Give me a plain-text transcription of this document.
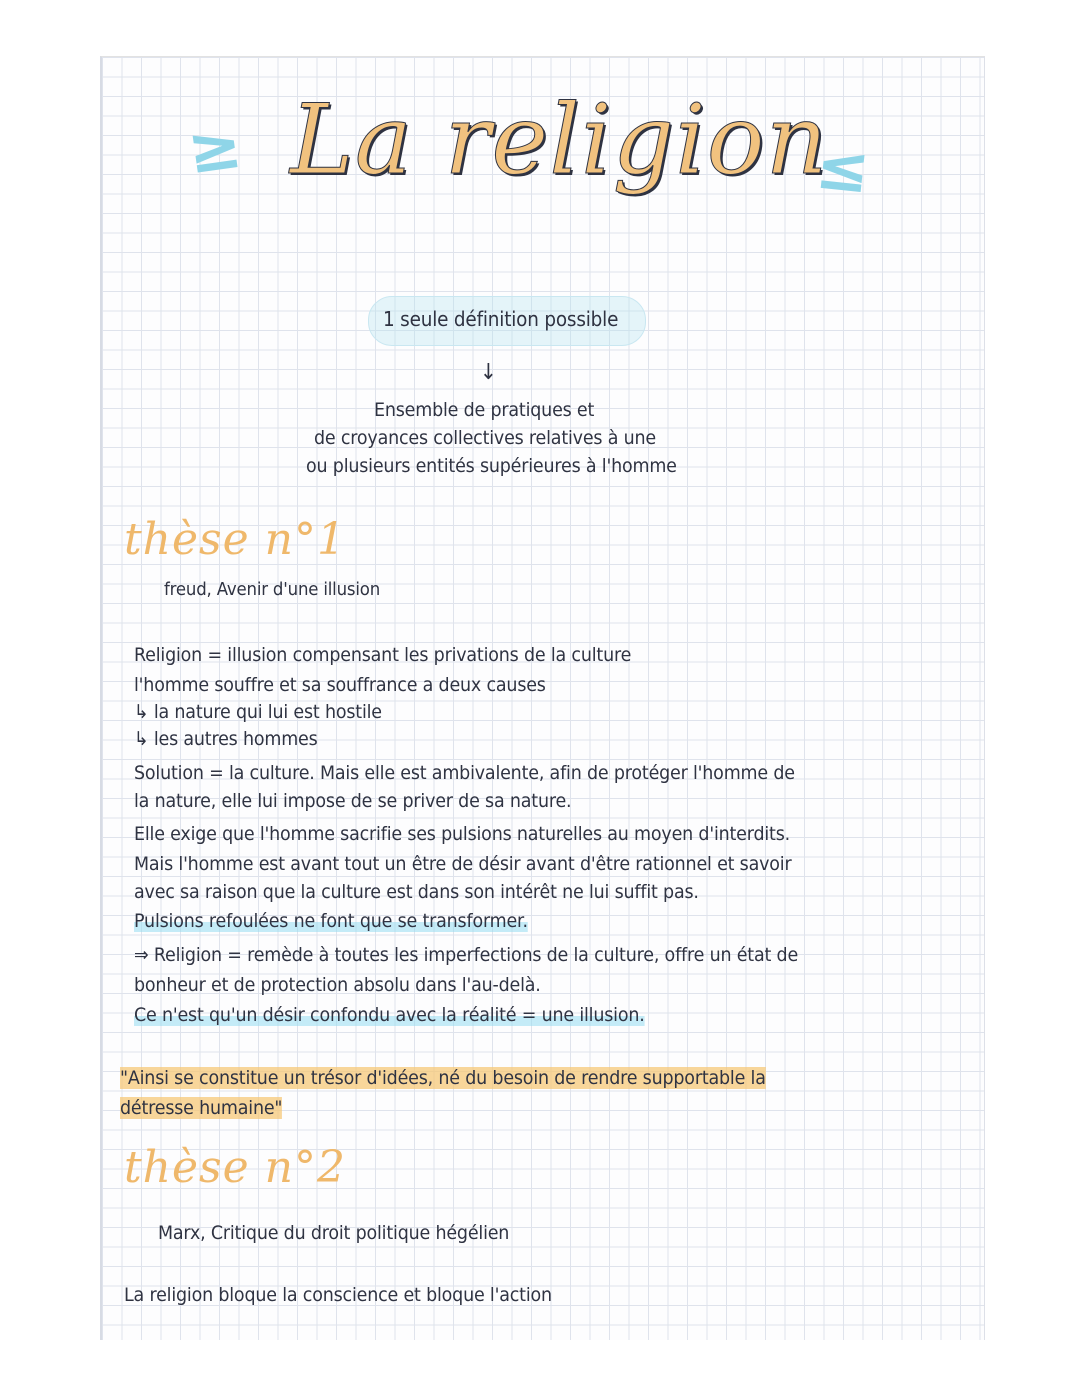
≥	≤
La religion
1 seule définition possible
↓
Ensemble de pratiques et
de croyances collectives relatives à une
ou plusieurs entités supérieures à l'homme
thèse n°1
freud, Avenir d'une illusion
Religion = illusion compensant les privations de la culture
l'homme souffre et sa souffrance a deux causes
↳ la nature qui lui est hostile
↳ les autres hommes
Solution = la culture. Mais elle est ambivalente, afin de protéger l'homme de
la nature, elle lui impose de se priver de sa nature.
Elle exige que l'homme sacrifie ses pulsions naturelles au moyen d'interdits.
Mais l'homme est avant tout un être de désir avant d'être rationnel et savoir
avec sa raison que la culture est dans son intérêt ne lui suffit pas.
Pulsions refoulées ne font que se transformer.
⇒ Religion = remède à toutes les imperfections de la culture, offre un état de
bonheur et de protection absolu dans l'au-delà.
Ce n'est qu'un désir confondu avec la réalité = une illusion.
"Ainsi se constitue un trésor d'idées, né du besoin de rendre supportable la
détresse humaine"
thèse n°2
Marx, Critique du droit politique hégélien
La religion bloque la conscience et bloque l'action
